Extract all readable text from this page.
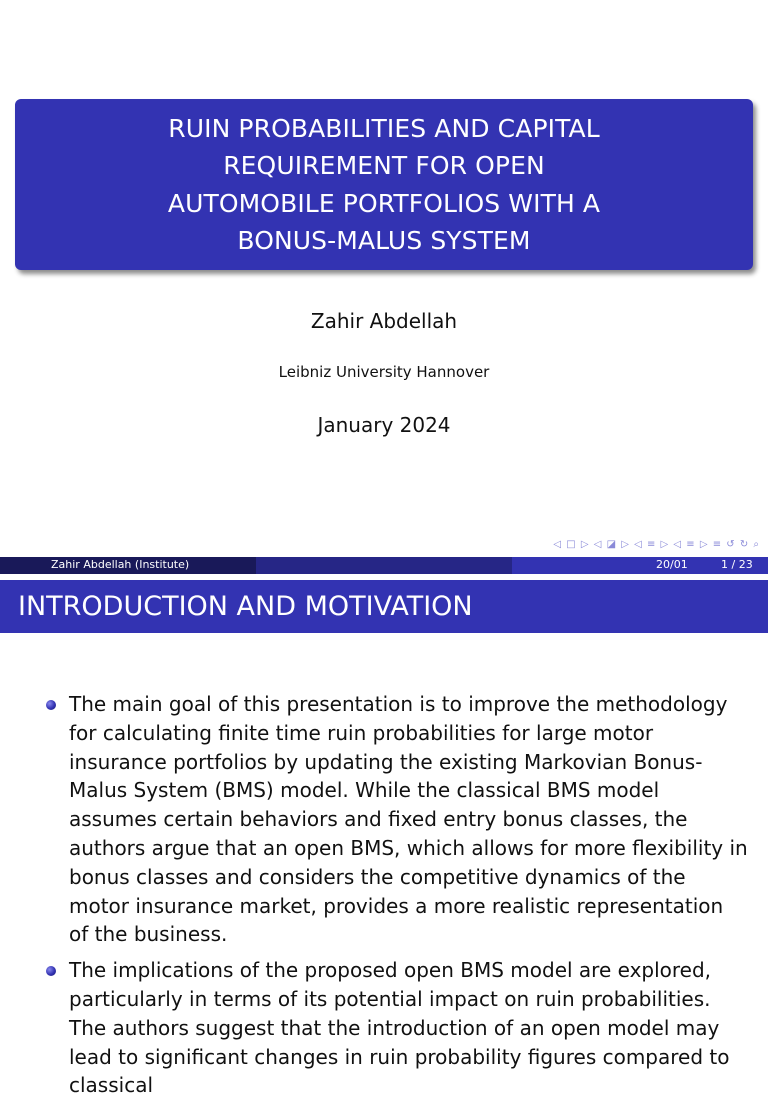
RUIN PROBABILITIES AND CAPITAL
REQUIREMENT FOR OPEN
AUTOMOBILE PORTFOLIOS WITH A
BONUS-MALUS SYSTEM
Zahir Abdellah
Leibniz University Hannover
January 2024
◁ □ ▷ ◁ ◪ ▷ ◁ ≡ ▷ ◁ ≡ ▷ ≡ ↺ ↻ ⌕
Zahir Abdellah (Institute)	20/01	1 / 23
INTRODUCTION AND MOTIVATION
The main goal of this presentation is to improve the methodology for calculating finite time ruin probabilities for large motor insurance portfolios by updating the existing Markovian Bonus-Malus System (BMS) model. While the classical BMS model assumes certain behaviors and fixed entry bonus classes, the authors argue that an open BMS, which allows for more flexibility in bonus classes and considers the competitive dynamics of the motor insurance market, provides a more realistic representation of the business.
The implications of the proposed open BMS model are explored, particularly in terms of its potential impact on ruin probabilities. The authors suggest that the introduction of an open model may lead to significant changes in ruin probability figures compared to classical
